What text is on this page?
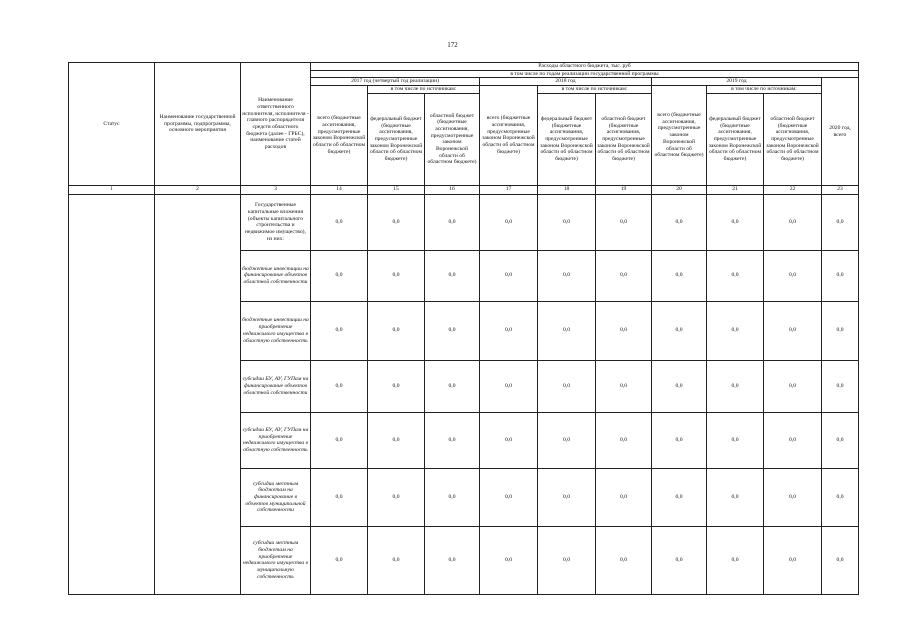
172
Статус	Наименование государственной программы, подпрограммы, основного мероприятия	Наименование ответственного исполнителя, исполнителя - главного распорядителя средств областного бюджета (далее - ГРБС), наименование статей расходов	Расходы областного бюджета, тыс. руб									
			в том числе по годам реализации государственной программы									
			2017 год (четвертый год реализации)			2018 год			2019 год			2020 год, всего
			всего (бюджетные ассигнования, предусмотренные законом Воронежской области об областном бюджете)	в том числе по источникам:		всего (бюджетные ассигнования, предусмотренные законом Воронежской области об областном бюджете)	в том числе по источникам:		всего (бюджетные ассигнования, предусмотренные законом Воронежской области об областном бюджете)	в том числе по источникам:		
				федеральный бюджет (бюджетные ассигнования, предусмотренные законом Воронежской области об областном бюджете)	областной бюджет (бюджетные ассигнования, предусмотренные законом Воронежской области об областном бюджете)		федеральный бюджет (бюджетные ассигнования, предусмотренные законом Воронежской области об областном бюджете)	областной бюджет (бюджетные ассигнования, предусмотренные законом Воронежской области об областном бюджете)		федеральный бюджет (бюджетные ассигнования, предусмотренные законом Воронежской области об областном бюджете)	областной бюджет (бюджетные ассигнования, предусмотренные законом Воронежской области об областном бюджете)	
1	2	3	14	15	16	17	18	19	20	21	22	23
		Государственные капитальные вложения (объекты капитального строительства и недвижимое имущество), из них:	0,0	0,0	0,0	0,0	0,0	0,0	0,0	0,0	0,0	0,0
		бюджетные инвестиции на финансирование объектов областной собственности	0,0	0,0	0,0	0,0	0,0	0,0	0,0	0,0	0,0	0,0
		бюджетные инвестиции на приобретение недвижимого имущества в областную собственность	0,0	0,0	0,0	0,0	0,0	0,0	0,0	0,0	0,0	0,0
		субсидии БУ, АУ, ГУПам на финансирование объектов областной собственности	0,0	0,0	0,0	0,0	0,0	0,0	0,0	0,0	0,0	0,0
		субсидии БУ, АУ, ГУПам на приобретение недвижимого имущества в областную собственность	0,0	0,0	0,0	0,0	0,0	0,0	0,0	0,0	0,0	0,0
		субсидии местным бюджетам на финансирование в объектов муниципальной собственности	0,0	0,0	0,0	0,0	0,0	0,0	0,0	0,0	0,0	0,0
		субсидии местным бюджетам на приобретение недвижимого имущества в муниципальную собственность	0,0	0,0	0,0	0,0	0,0	0,0	0,0	0,0	0,0	0,0
